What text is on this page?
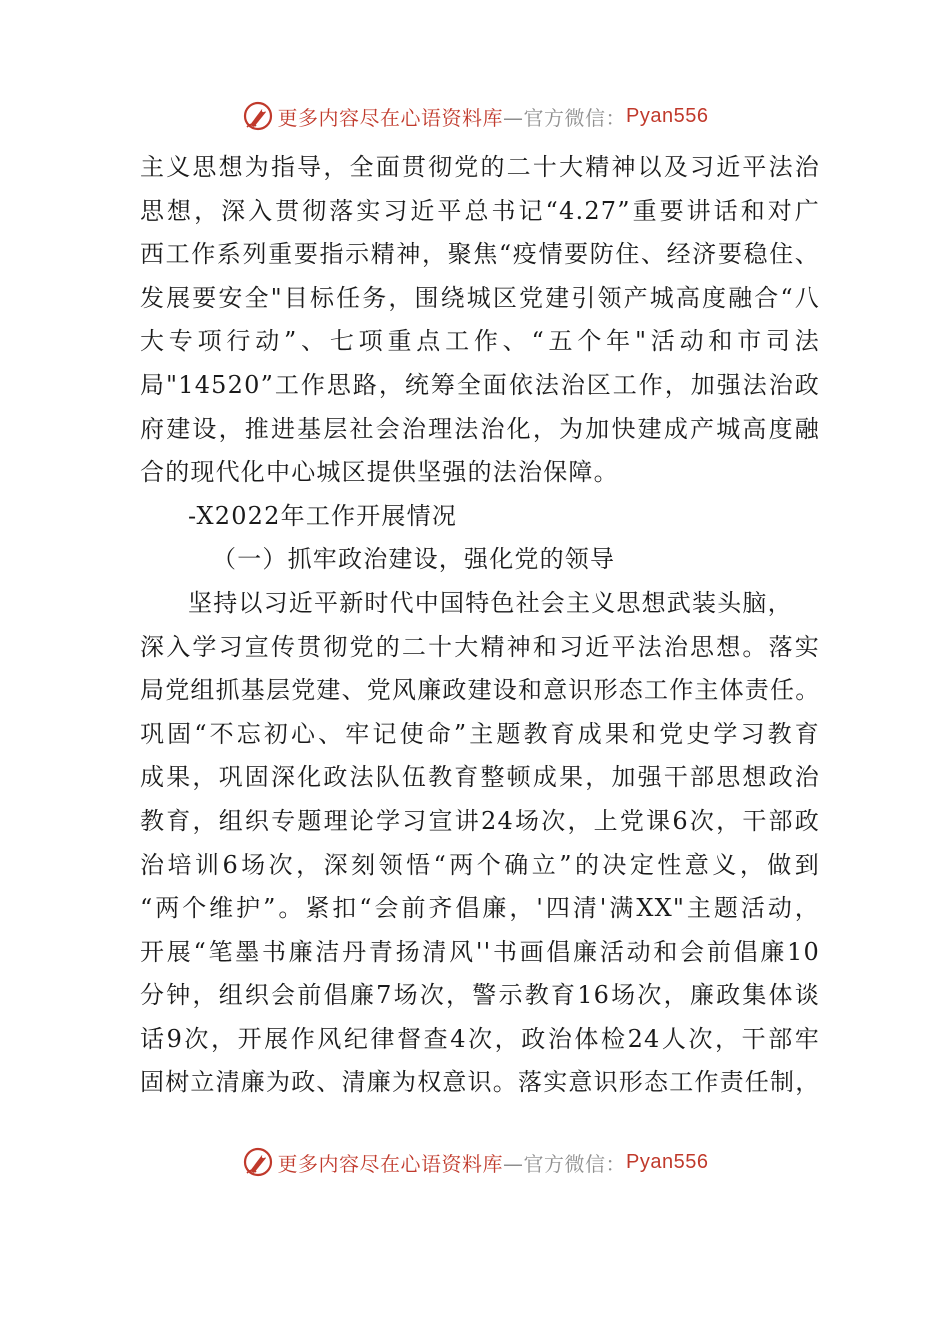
更多内容尽在心语资料库 —官方微信： Pyan556
主义思想为指导，全面贯彻党的二十大精神以及习近平法治
思想，深入贯彻落实习近平总书记“4.27”重要讲话和对广
西工作系列重要指示精神，聚焦“疫情要防住、经济要稳住、
发展要安全"目标任务，围绕城区党建引领产城高度融合“八
大专项行动”、七项重点工作、“五个年"活动和市司法
局"14520”工作思路，统筹全面依法治区工作，加强法治政
府建设，推进基层社会治理法治化，为加快建成产城高度融
合的现代化中心城区提供坚强的法治保障。
-X2022年工作开展情况
（一）抓牢政治建设，强化党的领导
坚持以习近平新时代中国特色社会主义思想武装头脑，
深入学习宣传贯彻党的二十大精神和习近平法治思想。落实
局党组抓基层党建、党风廉政建设和意识形态工作主体责任。
巩固“不忘初心、牢记使命”主题教育成果和党史学习教育
成果，巩固深化政法队伍教育整顿成果，加强干部思想政治
教育，组织专题理论学习宣讲24场次，上党课6次，干部政
治培训6场次，深刻领悟“两个确立”的决定性意义，做到
“两个维护”。紧扣“会前齐倡廉，'四清'满XX"主题活动，
开展“笔墨书廉洁丹青扬清风''书画倡廉活动和会前倡廉10
分钟，组织会前倡廉7场次，警示教育16场次，廉政集体谈
话9次，开展作风纪律督查4次，政治体检24人次，干部牢
固树立清廉为政、清廉为权意识。落实意识形态工作责任制，
更多内容尽在心语资料库 —官方微信： Pyan556
